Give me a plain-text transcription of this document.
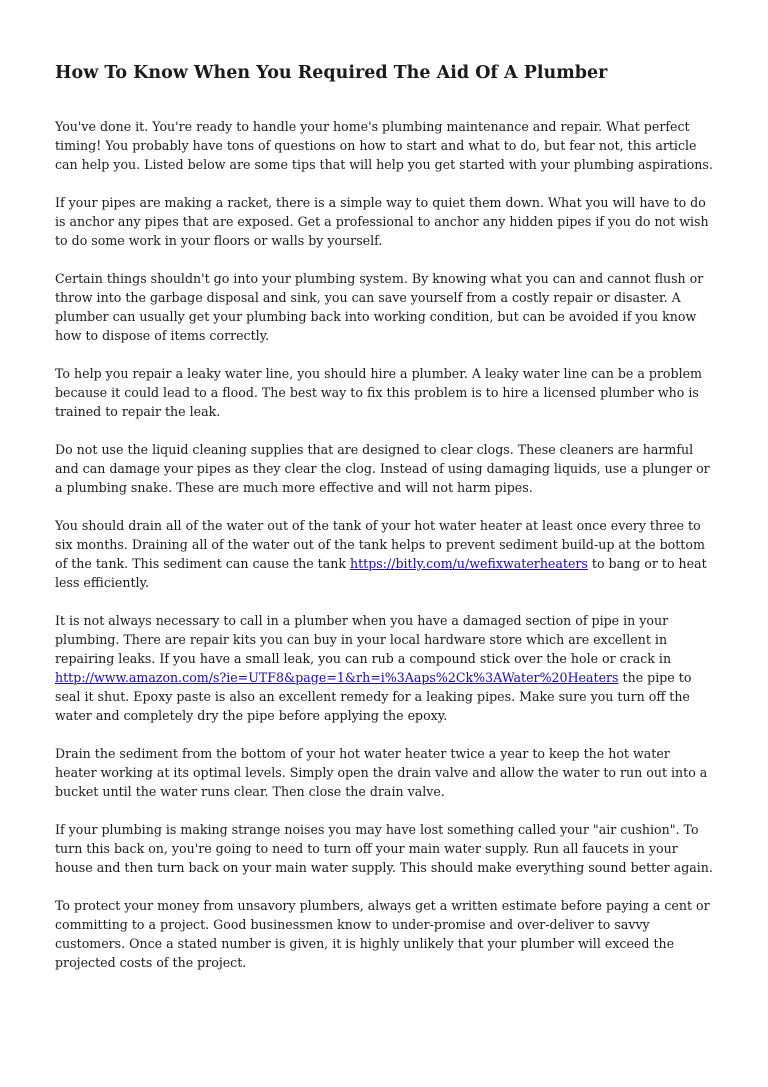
How To Know When You Required The Aid Of A Plumber

You've done it. You're ready to handle your home's plumbing maintenance and repair. What perfect timing! You probably have tons of questions on how to start and what to do, but fear not, this article can help you. Listed below are some tips that will help you get started with your plumbing aspirations.

If your pipes are making a racket, there is a simple way to quiet them down. What you will have to do is anchor any pipes that are exposed. Get a professional to anchor any hidden pipes if you do not wish to do some work in your floors or walls by yourself.

Certain things shouldn't go into your plumbing system. By knowing what you can and cannot flush or throw into the garbage disposal and sink, you can save yourself from a costly repair or disaster. A plumber can usually get your plumbing back into working condition, but can be avoided if you know how to dispose of items correctly.

To help you repair a leaky water line, you should hire a plumber. A leaky water line can be a problem because it could lead to a flood. The best way to fix this problem is to hire a licensed plumber who is trained to repair the leak.

Do not use the liquid cleaning supplies that are designed to clear clogs. These cleaners are harmful and can damage your pipes as they clear the clog. Instead of using damaging liquids, use a plunger or a plumbing snake. These are much more effective and will not harm pipes.

You should drain all of the water out of the tank of your hot water heater at least once every three to six months. Draining all of the water out of the tank helps to prevent sediment build-up at the bottom of the tank. This sediment can cause the tank https://bitly.com/u/wefixwaterheaters to bang or to heat less efficiently.

It is not always necessary to call in a plumber when you have a damaged section of pipe in your plumbing. There are repair kits you can buy in your local hardware store which are excellent in repairing leaks. If you have a small leak, you can rub a compound stick over the hole or crack in http://www.amazon.com/s?ie=UTF8&page=1&rh=i%3Aaps%2Ck%3AWater%20Heaters the pipe to seal it shut. Epoxy paste is also an excellent remedy for a leaking pipes. Make sure you turn off the water and completely dry the pipe before applying the epoxy.

Drain the sediment from the bottom of your hot water heater twice a year to keep the hot water heater working at its optimal levels. Simply open the drain valve and allow the water to run out into a bucket until the water runs clear. Then close the drain valve.

If your plumbing is making strange noises you may have lost something called your "air cushion". To turn this back on, you're going to need to turn off your main water supply. Run all faucets in your house and then turn back on your main water supply. This should make everything sound better again.

To protect your money from unsavory plumbers, always get a written estimate before paying a cent or committing to a project. Good businessmen know to under-promise and over-deliver to savvy customers. Once a stated number is given, it is highly unlikely that your plumber will exceed the projected costs of the project.
